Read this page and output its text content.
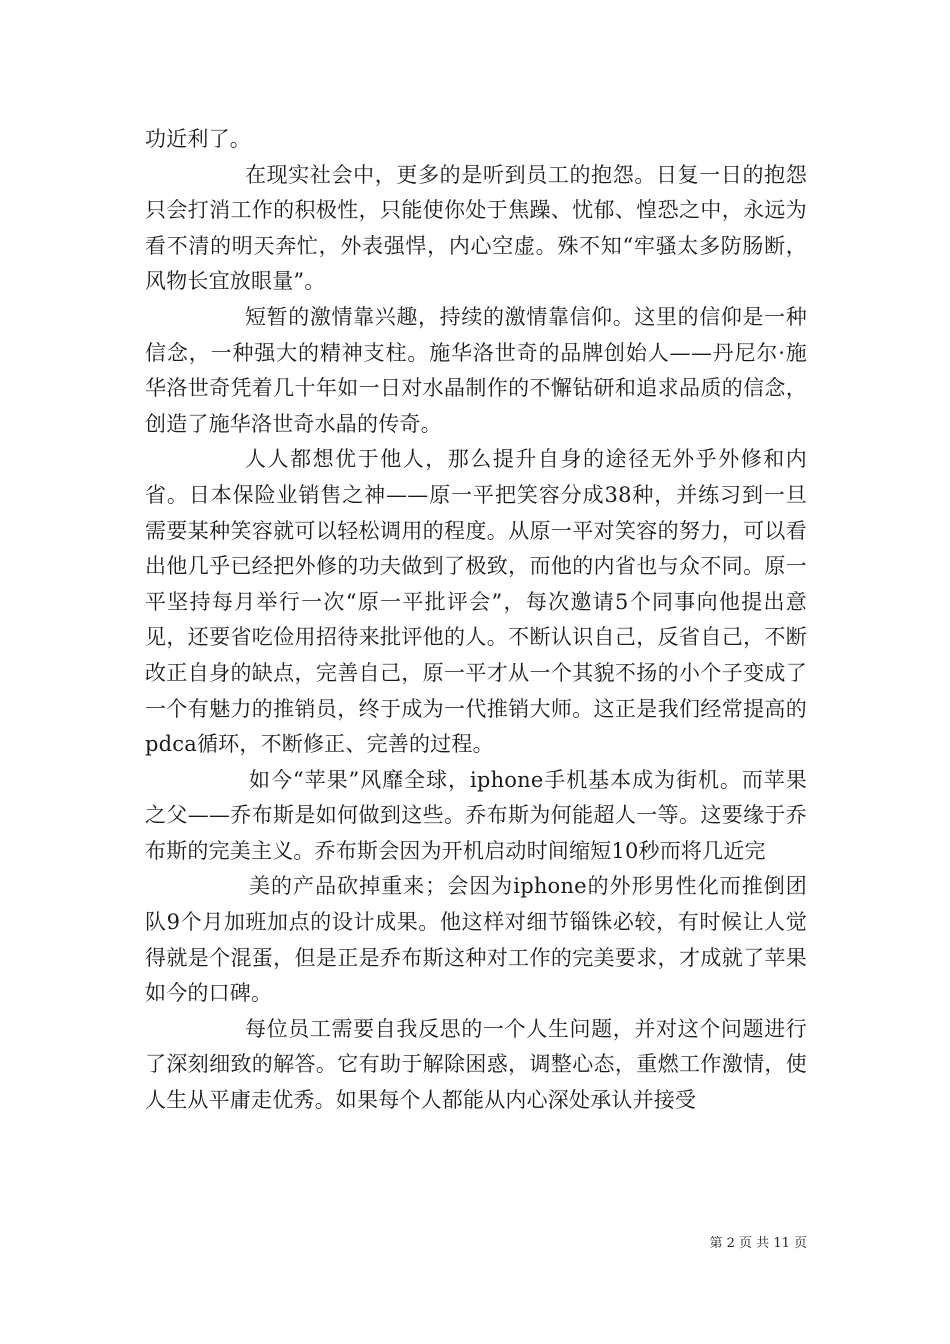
功近利了。

在现实社会中，更多的是听到员工的抱怨。日复一日的抱怨只会打消工作的积极性，只能使你处于焦躁、忧郁、惶恐之中，永远为看不清的明天奔忙，外表强悍，内心空虚。殊不知“牢骚太多防肠断，风物长宜放眼量”。

短暂的激情靠兴趣，持续的激情靠信仰。这里的信仰是一种信念，一种强大的精神支柱。施华洛世奇的品牌创始人——丹尼尔·施华洛世奇凭着几十年如一日对水晶制作的不懈钻研和追求品质的信念，创造了施华洛世奇水晶的传奇。

人人都想优于他人，那么提升自身的途径无外乎外修和内省。日本保险业销售之神——原一平把笑容分成38种，并练习到一旦需要某种笑容就可以轻松调用的程度。从原一平对笑容的努力，可以看出他几乎已经把外修的功夫做到了极致，而他的内省也与众不同。原一平坚持每月举行一次“原一平批评会”，每次邀请5个同事向他提出意见，还要省吃俭用招待来批评他的人。不断认识自己，反省自己，不断改正自身的缺点，完善自己，原一平才从一个其貌不扬的小个子变成了一个有魅力的推销员，终于成为一代推销大师。这正是我们经常提高的pdca循环，不断修正、完善的过程。

如今“苹果”风靡全球，iphone手机基本成为街机。而苹果之父——乔布斯是如何做到这些。乔布斯为何能超人一等。这要缘于乔布斯的完美主义。乔布斯会因为开机启动时间缩短10秒而将几近完

美的产品砍掉重来；会因为iphone的外形男性化而推倒团队9个月加班加点的设计成果。他这样对细节锱铢必较，有时候让人觉得就是个混蛋，但是正是乔布斯这种对工作的完美要求，才成就了苹果如今的口碑。

每位员工需要自我反思的一个人生问题，并对这个问题进行了深刻细致的解答。它有助于解除困惑，调整心态，重燃工作激情，使人生从平庸走优秀。如果每个人都能从内心深处承认并接受

第 2 页 共 11 页
